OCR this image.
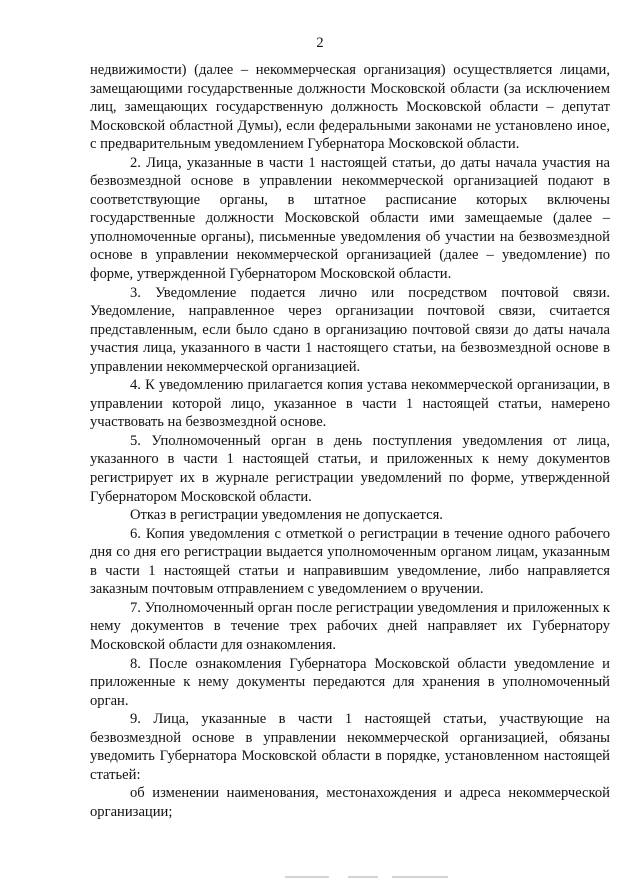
2

недвижимости) (далее – некоммерческая организация) осуществляется лицами, замещающими государственные должности Московской области (за исключением лиц, замещающих государственную должность Московской области – депутат Московской областной Думы), если федеральными законами не установлено иное, с предварительным уведомлением Губернатора Московской области.

2. Лица, указанные в части 1 настоящей статьи, до даты начала участия на безвозмездной основе в управлении некоммерческой организацией подают в соответствующие органы, в штатное расписание которых включены государственные должности Московской области ими замещаемые (далее – уполномоченные органы), письменные уведомления об участии на безвозмездной основе в управлении некоммерческой организацией (далее – уведомление) по форме, утвержденной Губернатором Московской области.

3. Уведомление подается лично или посредством почтовой связи. Уведомление, направленное через организации почтовой связи, считается представленным, если было сдано в организацию почтовой связи до даты начала участия лица, указанного в части 1 настоящего статьи, на безвозмездной основе в управлении некоммерческой организацией.

4. К уведомлению прилагается копия устава некоммерческой организации, в управлении которой лицо, указанное в части 1 настоящей статьи, намерено участвовать на безвозмездной основе.

5. Уполномоченный орган в день поступления уведомления от лица, указанного в части 1 настоящей статьи, и приложенных к нему документов регистрирует их в журнале регистрации уведомлений по форме, утвержденной Губернатором Московской области.

Отказ в регистрации уведомления не допускается.

6. Копия уведомления с отметкой о регистрации в течение одного рабочего дня со дня его регистрации выдается уполномоченным органом лицам, указанным в части 1 настоящей статьи и направившим уведомление, либо направляется заказным почтовым отправлением с уведомлением о вручении.

7. Уполномоченный орган после регистрации уведомления и приложенных к нему документов в течение трех рабочих дней направляет их Губернатору Московской области для ознакомления.

8. После ознакомления Губернатора Московской области уведомление и приложенные к нему документы передаются для хранения в уполномоченный орган.

9. Лица, указанные в части 1 настоящей статьи, участвующие на безвозмездной основе в управлении некоммерческой организацией, обязаны уведомить Губернатора Московской области в порядке, установленном настоящей статьей:

об изменении наименования, местонахождения и адреса некоммерческой организации;
